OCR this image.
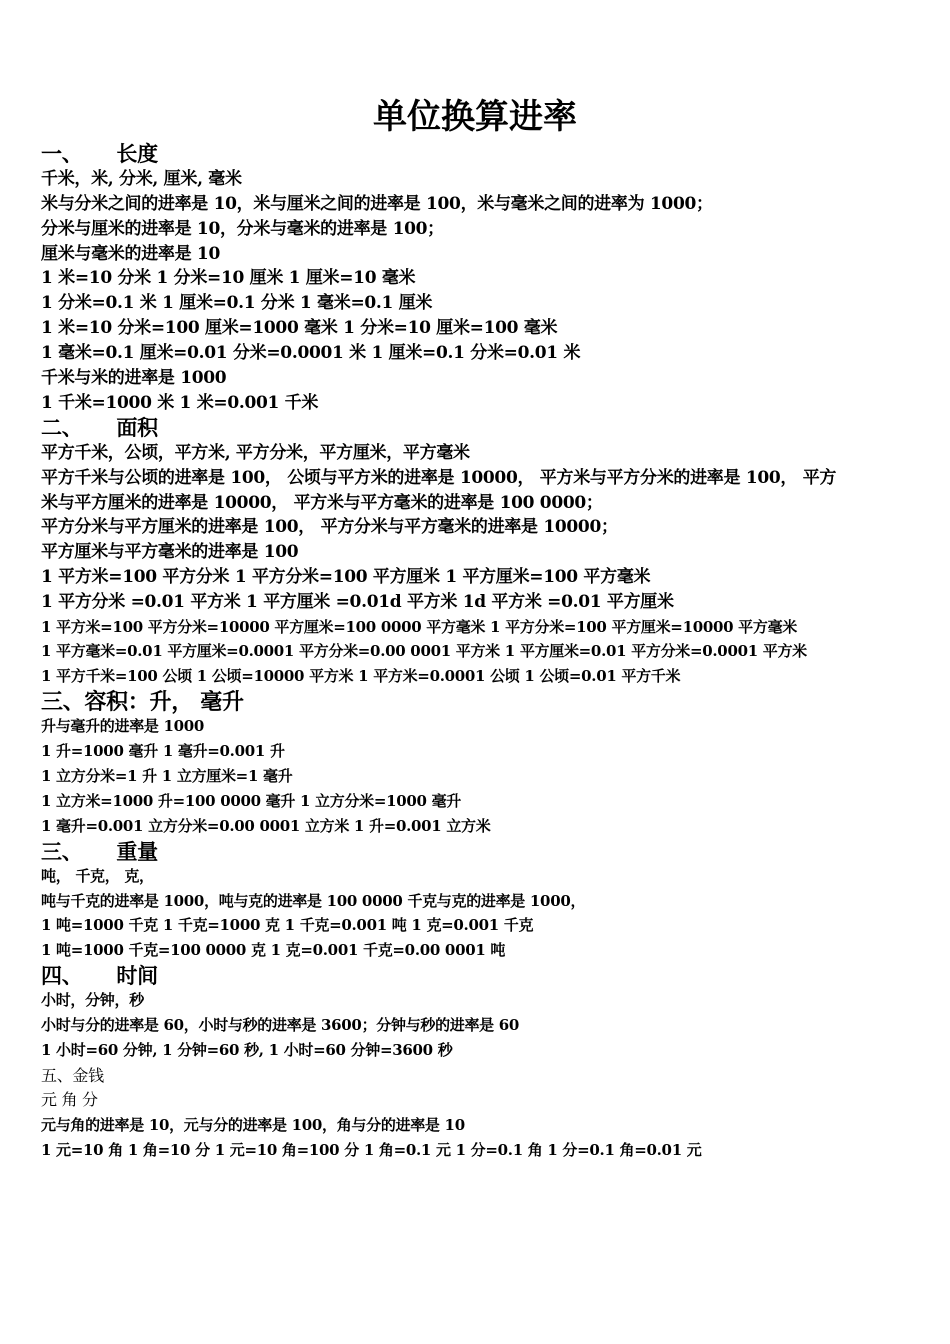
单位换算进率
一、 长度
千米，米, 分米, 厘米, 毫米
米与分米之间的进率是 10，米与厘米之间的进率是 100，米与毫米之间的进率为 1000；
分米与厘米的进率是 10，分米与毫米的进率是 100；
厘米与毫米的进率是 10
1 米=10 分米 1 分米=10 厘米 1 厘米=10 毫米
1 分米=0.1 米 1 厘米=0.1 分米 1 毫米=0.1 厘米
1 米=10 分米=100 厘米=1000 毫米 1 分米=10 厘米=100 毫米
1 毫米=0.1 厘米=0.01 分米=0.0001 米 1 厘米=0.1 分米=0.01 米
千米与米的进率是 1000
1 千米=1000 米 1 米=0.001 千米
二、 面积
平方千米，公顷，平方米, 平方分米，平方厘米，平方毫米
平方千米与公顷的进率是 100， 公顷与平方米的进率是 10000， 平方米与平方分米的进率是 100， 平方
米与平方厘米的进率是 10000， 平方米与平方毫米的进率是 100 0000；
平方分米与平方厘米的进率是 100， 平方分米与平方毫米的进率是 10000；
平方厘米与平方毫米的进率是 100
1 平方米=100 平方分米 1 平方分米=100 平方厘米 1 平方厘米=100 平方毫米
1 平方分米 =0.01 平方米 1 平方厘米 =0.01d 平方米 1d 平方米 =0.01 平方厘米
1 平方米=100 平方分米=10000 平方厘米=100 0000 平方毫米 1 平方分米=100 平方厘米=10000 平方毫米
1 平方毫米=0.01 平方厘米=0.0001 平方分米=0.00 0001 平方米 1 平方厘米=0.01 平方分米=0.0001 平方米
1 平方千米=100 公顷 1 公顷=10000 平方米 1 平方米=0.0001 公顷 1 公顷=0.01 平方千米
三、容积：升， 毫升
升与毫升的进率是 1000
1 升=1000 毫升 1 毫升=0.001 升
1 立方分米=1 升 1 立方厘米=1 毫升
1 立方米=1000 升=100 0000 毫升 1 立方分米=1000 毫升
1 毫升=0.001 立方分米=0.00 0001 立方米 1 升=0.001 立方米
三、 重量
吨， 千克， 克，
吨与千克的进率是 1000，吨与克的进率是 100 0000 千克与克的进率是 1000，
1 吨=1000 千克 1 千克=1000 克 1 千克=0.001 吨 1 克=0.001 千克
1 吨=1000 千克=100 0000 克 1 克=0.001 千克=0.00 0001 吨
四、 时间
小时，分钟，秒
小时与分的进率是 60，小时与秒的进率是 3600；分钟与秒的进率是 60
1 小时=60 分钟, 1 分钟=60 秒, 1 小时=60 分钟=3600 秒
五、金钱
元 角 分
元与角的进率是 10，元与分的进率是 100，角与分的进率是 10
1 元=10 角 1 角=10 分 1 元=10 角=100 分 1 角=0.1 元 1 分=0.1 角 1 分=0.1 角=0.01 元
